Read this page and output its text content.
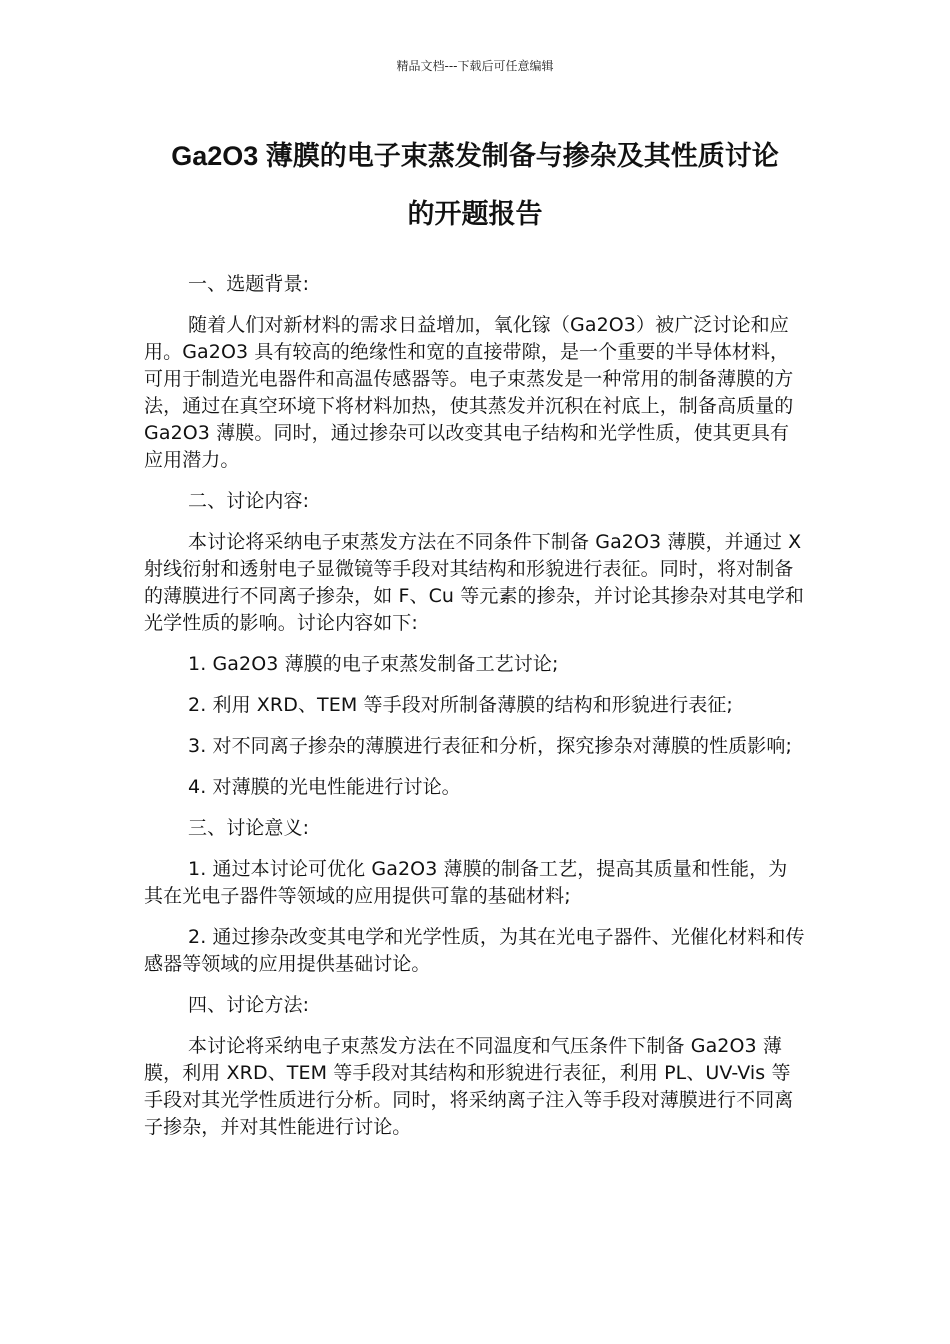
精品文档---下载后可任意编辑
Ga2O3 薄膜的电子束蒸发制备与掺杂及其性质讨论
的开题报告

一、选题背景:

随着人们对新材料的需求日益增加，氧化镓（Ga2O3）被广泛讨论和应用。Ga2O3 具有较高的绝缘性和宽的直接带隙，是一个重要的半导体材料，可用于制造光电器件和高温传感器等。电子束蒸发是一种常用的制备薄膜的方法，通过在真空环境下将材料加热，使其蒸发并沉积在衬底上，制备高质量的 Ga2O3 薄膜。同时，通过掺杂可以改变其电子结构和光学性质，使其更具有应用潜力。

二、讨论内容:

本讨论将采纳电子束蒸发方法在不同条件下制备 Ga2O3 薄膜，并通过 X 射线衍射和透射电子显微镜等手段对其结构和形貌进行表征。同时，将对制备的薄膜进行不同离子掺杂，如 F、Cu 等元素的掺杂，并讨论其掺杂对其电学和光学性质的影响。讨论内容如下:

1. Ga2O3 薄膜的电子束蒸发制备工艺讨论;

2. 利用 XRD、TEM 等手段对所制备薄膜的结构和形貌进行表征;

3. 对不同离子掺杂的薄膜进行表征和分析，探究掺杂对薄膜的性质影响;

4. 对薄膜的光电性能进行讨论。

三、讨论意义:

1. 通过本讨论可优化 Ga2O3 薄膜的制备工艺，提高其质量和性能，为其在光电子器件等领域的应用提供可靠的基础材料;

2. 通过掺杂改变其电学和光学性质，为其在光电子器件、光催化材料和传感器等领域的应用提供基础讨论。

四、讨论方法:

本讨论将采纳电子束蒸发方法在不同温度和气压条件下制备 Ga2O3 薄膜，利用 XRD、TEM 等手段对其结构和形貌进行表征，利用 PL、UV-Vis 等手段对其光学性质进行分析。同时，将采纳离子注入等手段对薄膜进行不同离子掺杂，并对其性能进行讨论。
